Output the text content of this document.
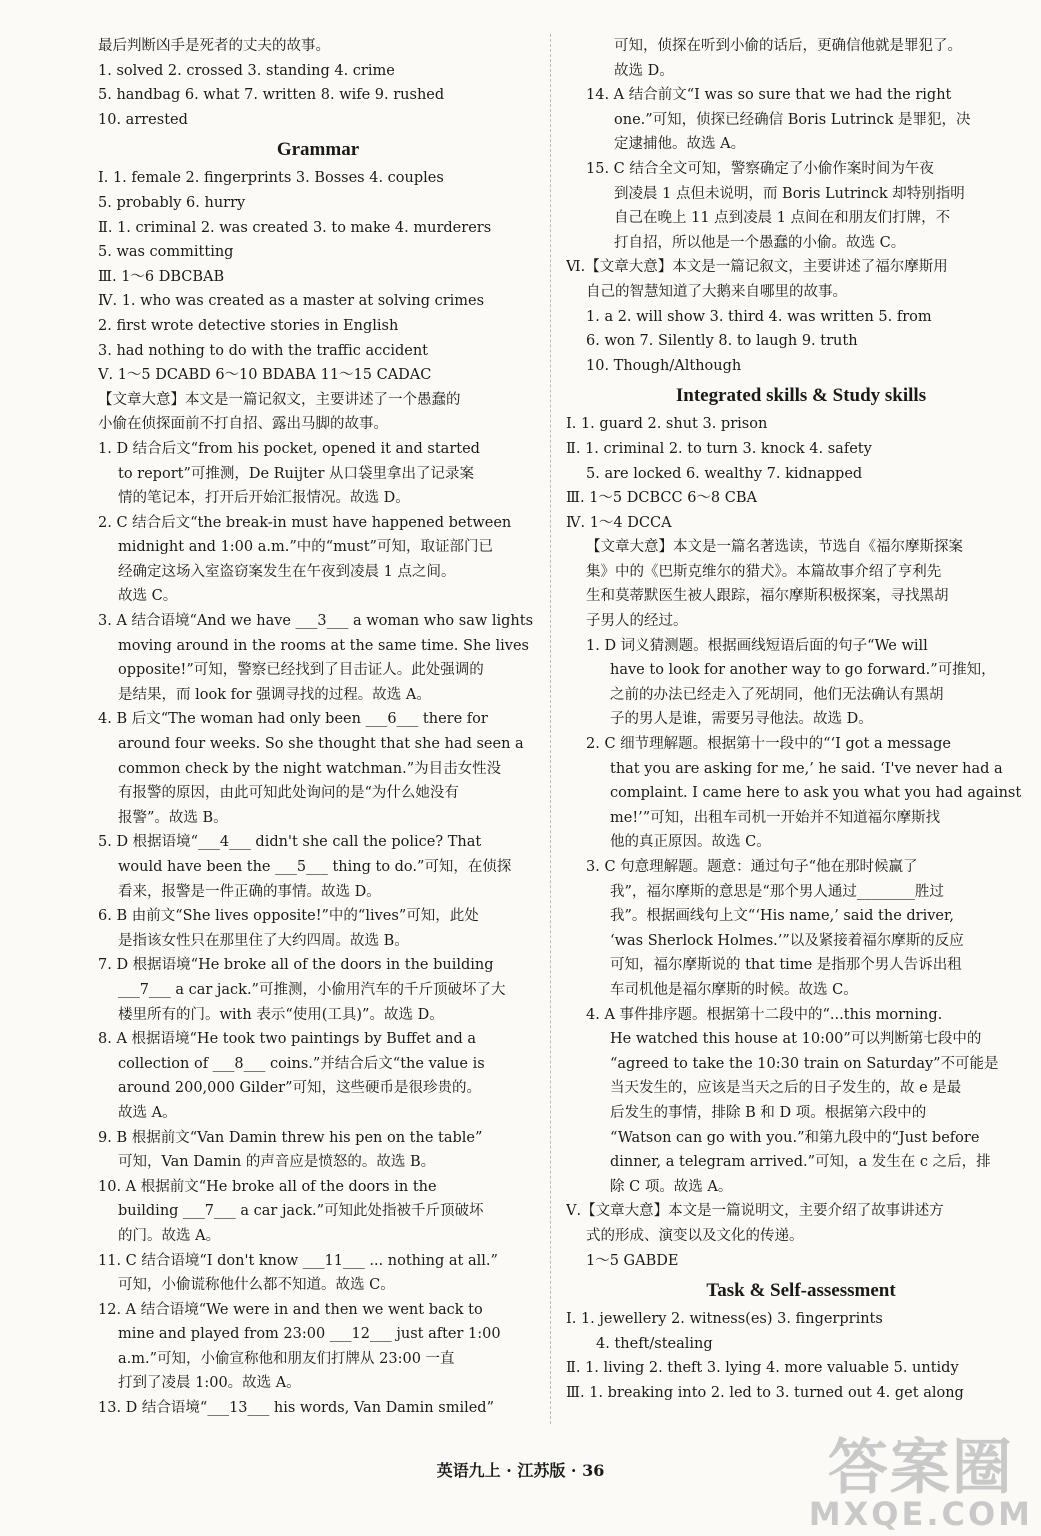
最后判断凶手是死者的丈夫的故事。
1. solved 2. crossed 3. standing 4. crime
5. handbag 6. what 7. written 8. wife 9. rushed
10. arrested
Grammar
Ⅰ. 1. female 2. fingerprints 3. Bosses 4. couples
5. probably 6. hurry
Ⅱ. 1. criminal 2. was created 3. to make 4. murderers
5. was committing
Ⅲ. 1～6 DBCBAB
Ⅳ. 1. who was created as a master at solving crimes
2. first wrote detective stories in English
3. had nothing to do with the traffic accident
Ⅴ. 1～5 DCABD 6～10 BDABA 11～15 CADAC
【文章大意】本文是一篇记叙文，主要讲述了一个愚蠢的
小偷在侦探面前不打自招、露出马脚的故事。
1. D 结合后文“from his pocket, opened it and started
to report”可推测，De Ruijter 从口袋里拿出了记录案
情的笔记本，打开后开始汇报情况。故选 D。
2. C 结合后文“the break-in must have happened between
midnight and 1:00 a.m.”中的“must”可知，取证部门已
经确定这场入室盗窃案发生在午夜到凌晨 1 点之间。
故选 C。
3. A 结合语境“And we have ___3___ a woman who saw lights
moving around in the rooms at the same time. She lives
opposite!”可知，警察已经找到了目击证人。此处强调的
是结果，而 look for 强调寻找的过程。故选 A。
4. B 后文“The woman had only been ___6___ there for
around four weeks. So she thought that she had seen a
common check by the night watchman.”为目击女性没
有报警的原因，由此可知此处询问的是“为什么她没有
报警”。故选 B。
5. D 根据语境“___4___ didn't she call the police? That
would have been the ___5___ thing to do.”可知，在侦探
看来，报警是一件正确的事情。故选 D。
6. B 由前文“She lives opposite!”中的“lives”可知，此处
是指该女性只在那里住了大约四周。故选 B。
7. D 根据语境“He broke all of the doors in the building
___7___ a car jack.”可推测，小偷用汽车的千斤顶破坏了大
楼里所有的门。with 表示“使用(工具)”。故选 D。
8. A 根据语境“He took two paintings by Buffet and a
collection of ___8___ coins.”并结合后文“the value is
around 200,000 Gilder”可知，这些硬币是很珍贵的。
故选 A。
9. B 根据前文“Van Damin threw his pen on the table”
可知，Van Damin 的声音应是愤怒的。故选 B。
10. A 根据前文“He broke all of the doors in the
building ___7___ a car jack.”可知此处指被千斤顶破坏
的门。故选 A。
11. C 结合语境“I don't know ___11___ ... nothing at all.”
可知，小偷谎称他什么都不知道。故选 C。
12. A 结合语境“We were in and then we went back to
mine and played from 23:00 ___12___ just after 1:00
a.m.”可知，小偷宣称他和朋友们打牌从 23:00 一直
打到了凌晨 1:00。故选 A。
13. D 结合语境“___13___ his words, Van Damin smiled”
可知，侦探在听到小偷的话后，更确信他就是罪犯了。
故选 D。
14. A 结合前文“I was so sure that we had the right
one.”可知，侦探已经确信 Boris Lutrinck 是罪犯，决
定逮捕他。故选 A。
15. C 结合全文可知，警察确定了小偷作案时间为午夜
到凌晨 1 点但未说明，而 Boris Lutrinck 却特别指明
自己在晚上 11 点到凌晨 1 点间在和朋友们打牌，不
打自招，所以他是一个愚蠢的小偷。故选 C。
Ⅵ.【文章大意】本文是一篇记叙文，主要讲述了福尔摩斯用
自己的智慧知道了大鹅来自哪里的故事。
1. a 2. will show 3. third 4. was written 5. from
6. won 7. Silently 8. to laugh 9. truth
10. Though/Although
Integrated skills & Study skills
Ⅰ. 1. guard 2. shut 3. prison
Ⅱ. 1. criminal 2. to turn 3. knock 4. safety
5. are locked 6. wealthy 7. kidnapped
Ⅲ. 1～5 DCBCC 6～8 CBA
Ⅳ. 1～4 DCCA
【文章大意】本文是一篇名著选读，节选自《福尔摩斯探案
集》中的《巴斯克维尔的猎犬》。本篇故事介绍了亨利先
生和莫蒂默医生被人跟踪，福尔摩斯积极探案，寻找黑胡
子男人的经过。
1. D 词义猜测题。根据画线短语后面的句子“We will
have to look for another way to go forward.”可推知，
之前的办法已经走入了死胡同，他们无法确认有黑胡
子的男人是谁，需要另寻他法。故选 D。
2. C 细节理解题。根据第十一段中的“‘I got a message
that you are asking for me,’ he said. ‘I've never had a
complaint. I came here to ask you what you had against
me!’”可知，出租车司机一开始并不知道福尔摩斯找
他的真正原因。故选 C。
3. C 句意理解题。题意：通过句子“他在那时候赢了
我”，福尔摩斯的意思是“那个男人通过________胜过
我”。根据画线句上文“‘His name,’ said the driver,
‘was Sherlock Holmes.’”以及紧接着福尔摩斯的反应
可知，福尔摩斯说的 that time 是指那个男人告诉出租
车司机他是福尔摩斯的时候。故选 C。
4. A 事件排序题。根据第十二段中的“...this morning.
He watched this house at 10:00”可以判断第七段中的
“agreed to take the 10:30 train on Saturday”不可能是
当天发生的，应该是当天之后的日子发生的，故 e 是最
后发生的事情，排除 B 和 D 项。根据第六段中的
“Watson can go with you.”和第九段中的“Just before
dinner, a telegram arrived.”可知，a 发生在 c 之后，排
除 C 项。故选 A。
Ⅴ.【文章大意】本文是一篇说明文，主要介绍了故事讲述方
式的形成、演变以及文化的传递。
1～5 GABDE
Task & Self-assessment
Ⅰ. 1. jewellery 2. witness(es) 3. fingerprints
4. theft/stealing
Ⅱ. 1. living 2. theft 3. lying 4. more valuable 5. untidy
Ⅲ. 1. breaking into 2. led to 3. turned out 4. get along
英语九上 · 江苏版 · 36	答案圈
MXQE.COM
